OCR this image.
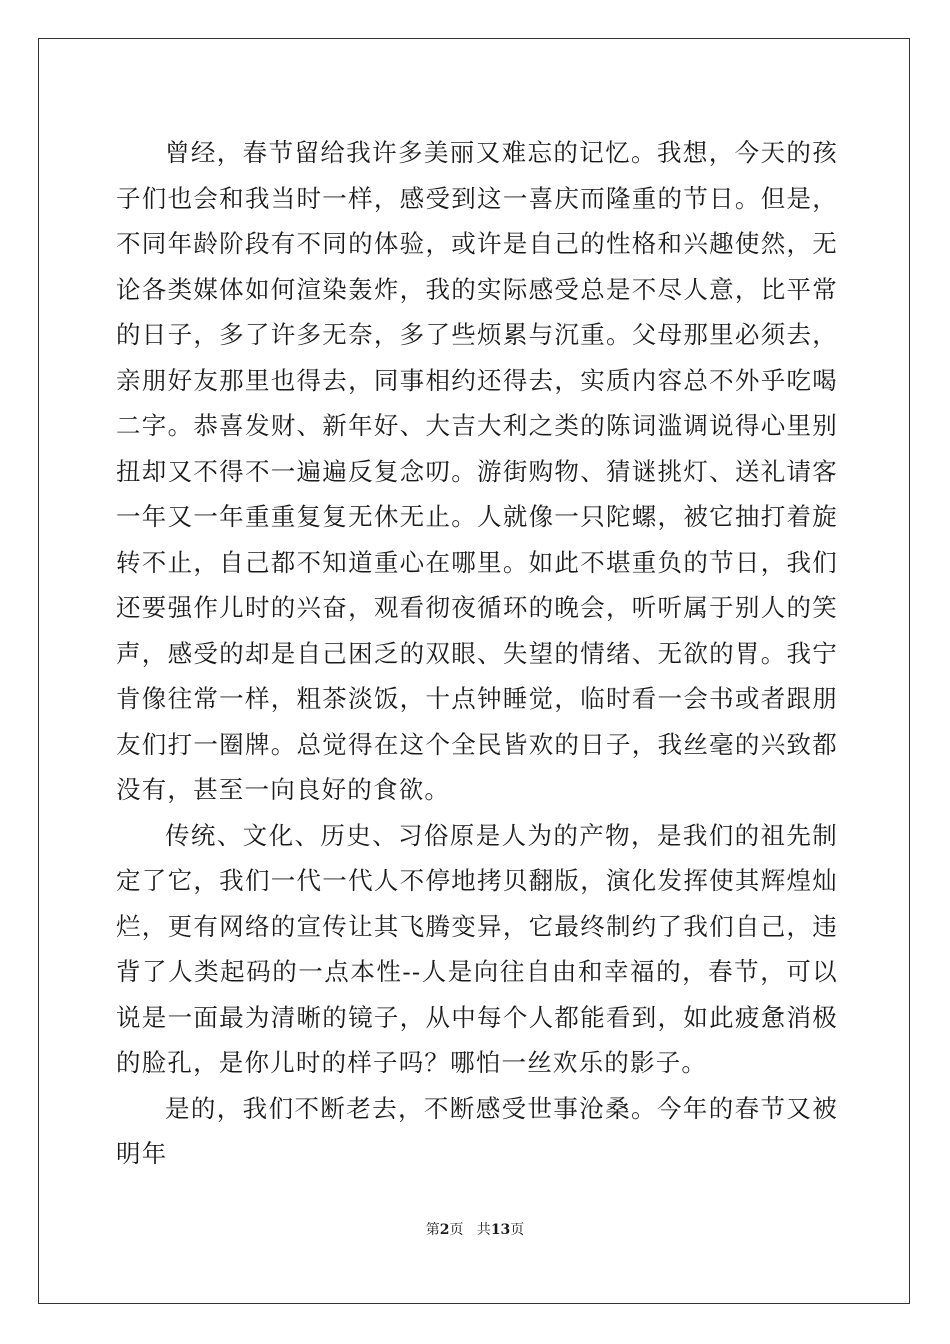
曾经，春节留给我许多美丽又难忘的记忆。我想，今天的孩子们也会和我当时一样，感受到这一喜庆而隆重的节日。但是，不同年龄阶段有不同的体验，或许是自己的性格和兴趣使然，无论各类媒体如何渲染轰炸，我的实际感受总是不尽人意，比平常的日子，多了许多无奈，多了些烦累与沉重。父母那里必须去，亲朋好友那里也得去，同事相约还得去，实质内容总不外乎吃喝二字。恭喜发财、新年好、大吉大利之类的陈词滥调说得心里别扭却又不得不一遍遍反复念叨。游街购物、猜谜挑灯、送礼请客一年又一年重重复复无休无止。人就像一只陀螺，被它抽打着旋转不止，自己都不知道重心在哪里。如此不堪重负的节日，我们还要强作儿时的兴奋，观看彻夜循环的晚会，听听属于别人的笑声，感受的却是自己困乏的双眼、失望的情绪、无欲的胃。我宁肯像往常一样，粗茶淡饭，十点钟睡觉，临时看一会书或者跟朋友们打一圈牌。总觉得在这个全民皆欢的日子，我丝毫的兴致都没有，甚至一向良好的食欲。

传统、文化、历史、习俗原是人为的产物，是我们的祖先制定了它，我们一代一代人不停地拷贝翻版，演化发挥使其辉煌灿烂，更有网络的宣传让其飞腾变异，它最终制约了我们自己，违背了人类起码的一点本性--人是向往自由和幸福的，春节，可以说是一面最为清晰的镜子，从中每个人都能看到，如此疲惫消极的脸孔，是你儿时的样子吗？哪怕一丝欢乐的影子。

是的，我们不断老去，不断感受世事沧桑。今年的春节又被明年

第2页   共13页
